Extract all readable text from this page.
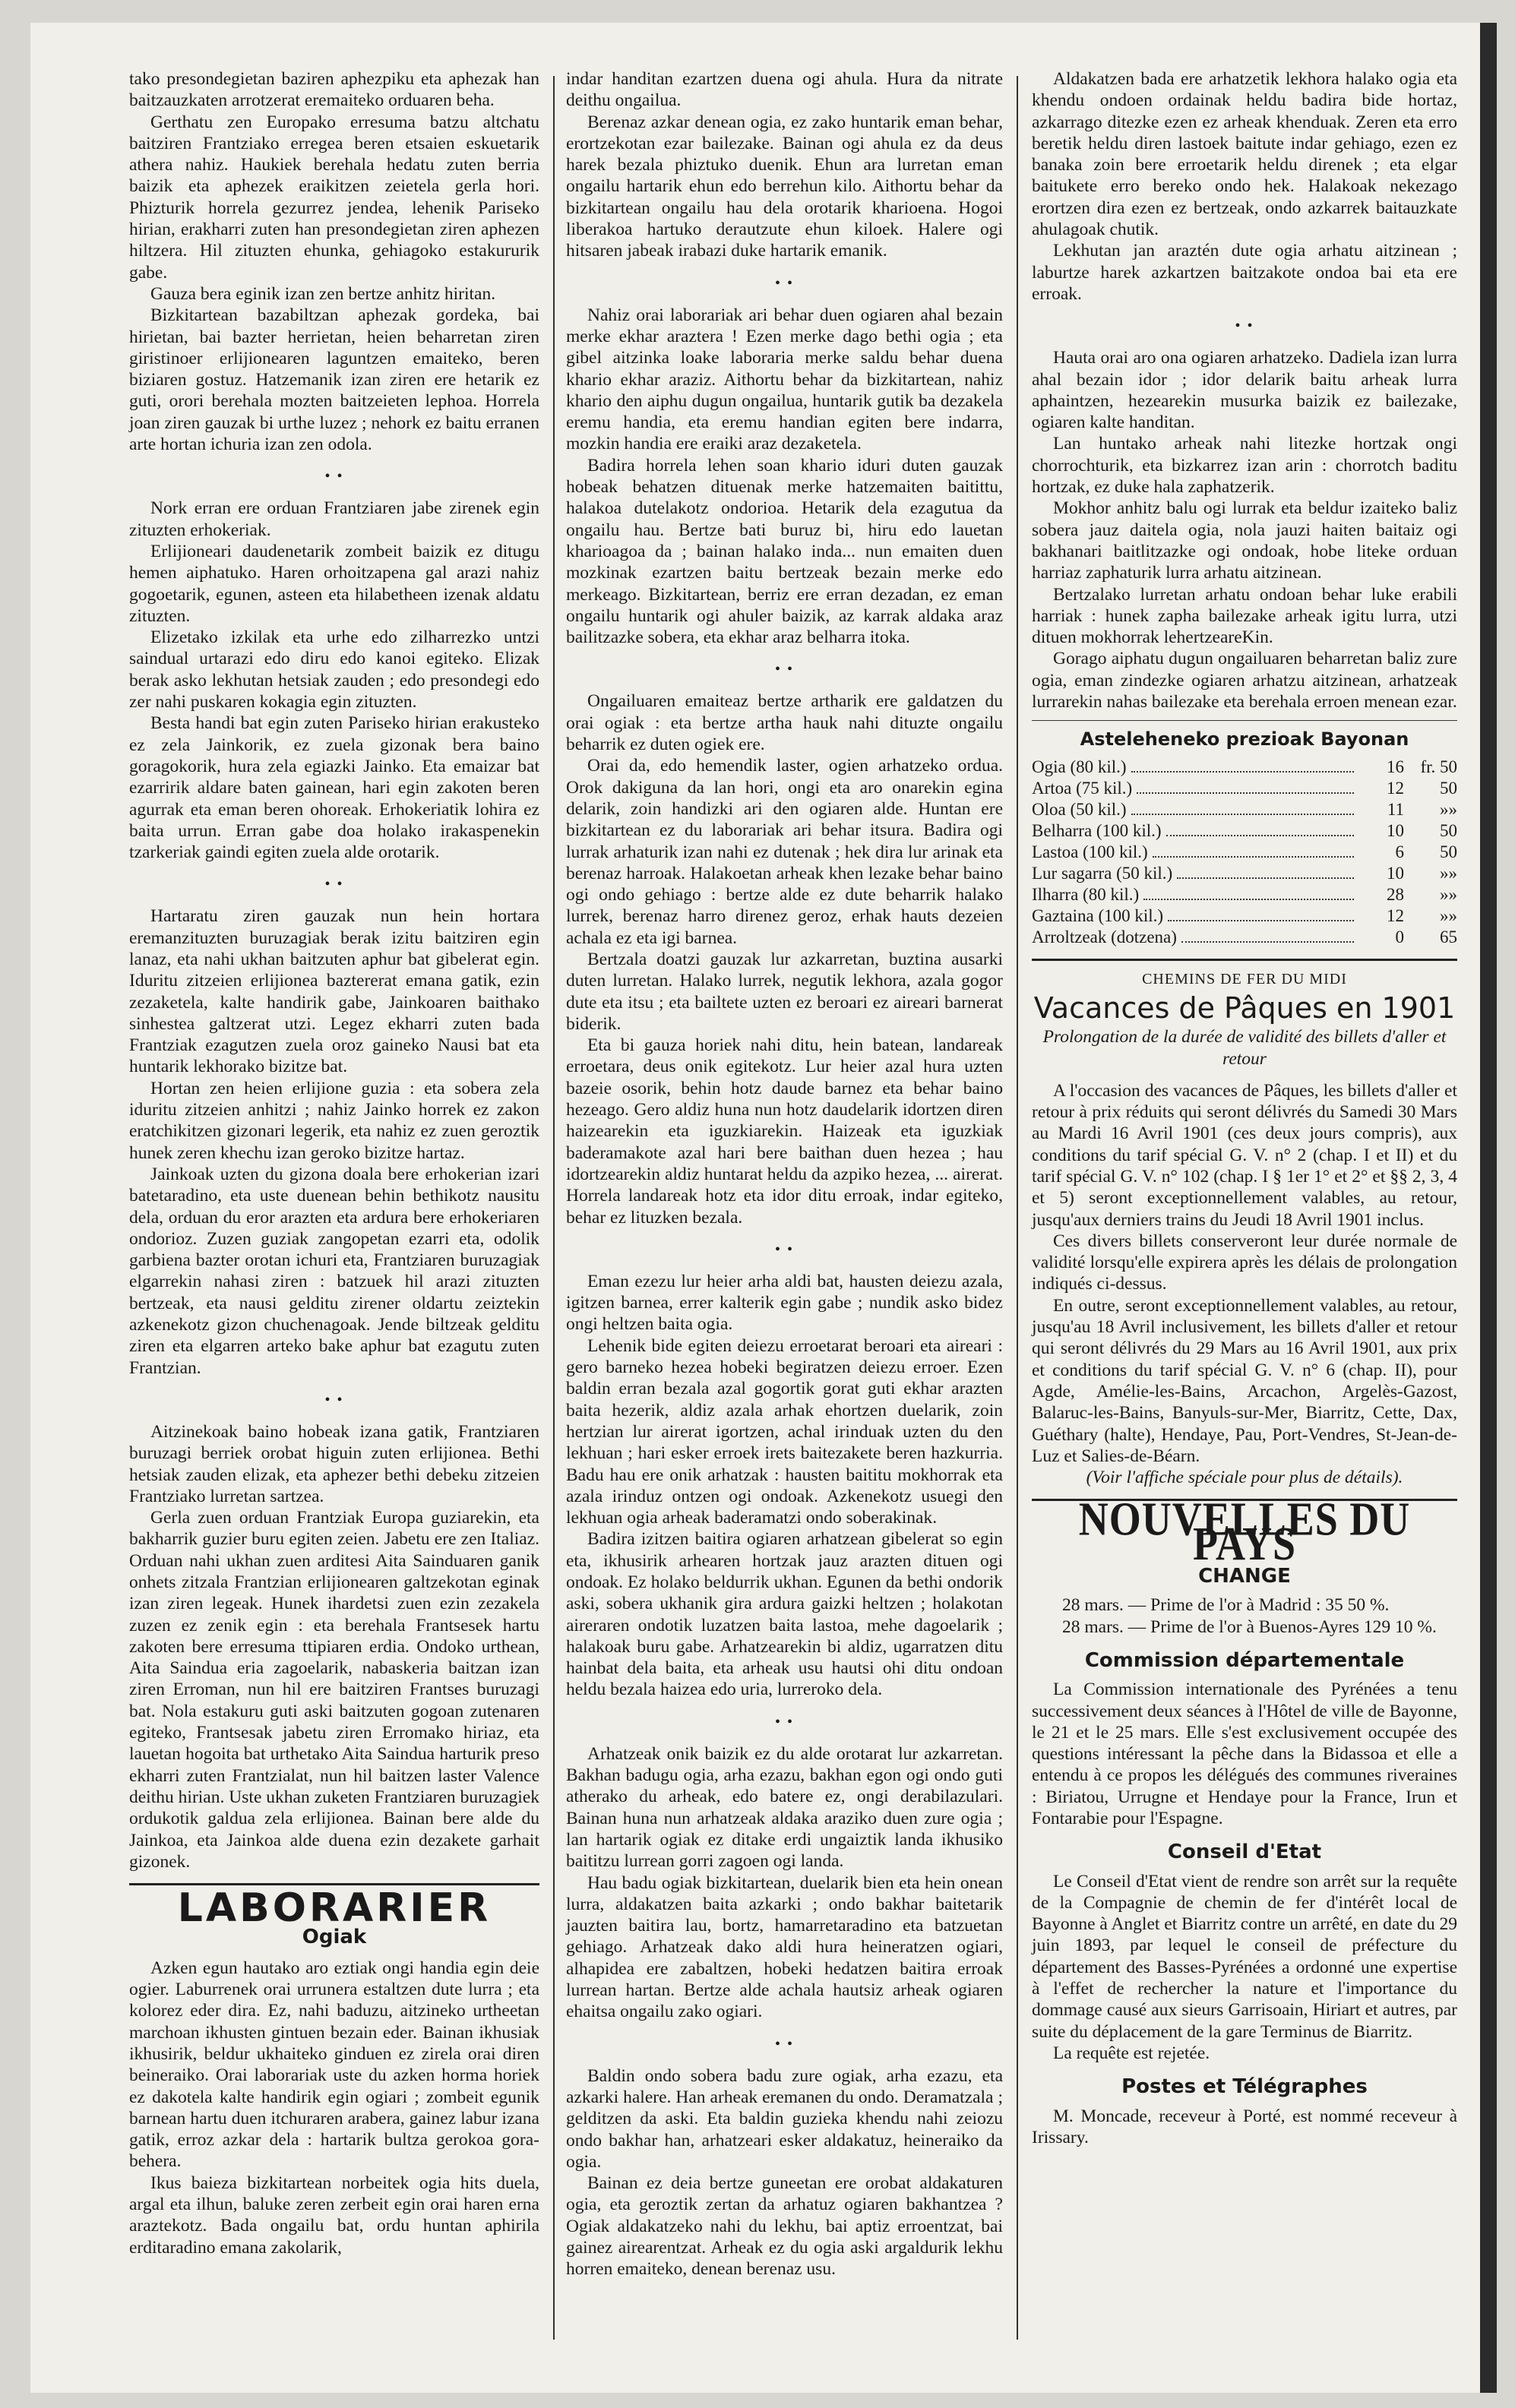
tako presondegietan baziren aphezpiku eta aphezak han baitzauzkaten arrotzerat eremaiteko orduaren beha.

Gerthatu zen Europako erresuma batzu altchatu baitziren Frantziako erregea beren etsaien eskuetarik athera nahiz. Haukiek berehala hedatu zuten berria baizik eta aphezek eraikitzen zeietela gerla hori. Phizturik horrela gezurrez jendea, lehenik Pariseko hirian, erakharri zuten han presondegietan ziren aphezen hiltzera. Hil zituzten ehunka, gehiagoko estakururik gabe.

Gauza bera eginik izan zen bertze anhitz hiritan.

Bizkitartean bazabiltzan aphezak gordeka, bai hirietan, bai bazter herrietan, heien beharretan ziren giristinoer erlijionearen laguntzen emaiteko, beren biziaren gostuz. Hatzemanik izan ziren ere hetarik ez guti, orori berehala mozten baitzeieten lephoa. Horrela joan ziren gauzak bi urthe luzez ; nehork ez baitu erranen arte hortan ichuria izan zen odola.

• •

Nork erran ere orduan Frantziaren jabe zirenek egin zituzten erhokeriak.

Erlijioneari daudenetarik zombeit baizik ez ditugu hemen aiphatuko. Haren orhoitzapena gal arazi nahiz gogoetarik, egunen, asteen eta hilabetheen izenak aldatu zituzten.

Elizetako izkilak eta urhe edo zilharrezko untzi saindual urtarazi edo diru edo kanoi egiteko. Elizak berak asko lekhutan hetsiak zauden ; edo presondegi edo zer nahi puskaren kokagia egin zituzten.

Besta handi bat egin zuten Pariseko hirian erakusteko ez zela Jainkorik, ez zuela gizonak bera baino goragokorik, hura zela egiazki Jainko. Eta emaizar bat ezarririk aldare baten gainean, hari egin zakoten beren agurrak eta eman beren ohoreak. Erhokeriatik lohira ez baita urrun. Erran gabe doa holako irakaspenekin tzarkeriak gaindi egiten zuela alde orotarik.

• •

Hartaratu ziren gauzak nun hein hortara eremanzituzten buruzagiak berak izitu baitziren egin lanaz, eta nahi ukhan baitzuten aphur bat gibelerat egin. Iduritu zitzeien erlijionea baztererat emana gatik, ezin zezaketela, kalte handirik gabe, Jainkoaren baithako sinhestea galtzerat utzi. Legez ekharri zuten bada Frantziak ezagutzen zuela oroz gaineko Nausi bat eta huntarik lekhorako bizitze bat.

Hortan zen heien erlijione guzia : eta sobera zela iduritu zitzeien anhitzi ; nahiz Jainko horrek ez zakon eratchikitzen gizonari legerik, eta nahiz ez zuen geroztik hunek zeren khechu izan geroko bizitze hartaz.

Jainkoak uzten du gizona doala bere erhokerian izari batetaradino, eta uste duenean behin bethikotz nausitu dela, orduan du eror arazten eta ardura bere erhokeriaren ondorioz. Zuzen guziak zangopetan ezarri eta, odolik garbiena bazter orotan ichuri eta, Frantziaren buruzagiak elgarrekin nahasi ziren : batzuek hil arazi zituzten bertzeak, eta nausi gelditu zirener oldartu zeiztekin azkenekotz gizon chuchenagoak. Jende biltzeak gelditu ziren eta elgarren arteko bake aphur bat ezagutu zuten Frantzian.

• •

Aitzinekoak baino hobeak izana gatik, Frantziaren buruzagi berriek orobat higuin zuten erlijionea. Bethi hetsiak zauden elizak, eta aphezer bethi debeku zitzeien Frantziako lurretan sartzea.

Gerla zuen orduan Frantziak Europa guziarekin, eta bakharrik guzier buru egiten zeien. Jabetu ere zen Italiaz. Orduan nahi ukhan zuen arditesi Aita Sainduaren ganik onhets zitzala Frantzian erlijionearen galtzekotan eginak izan ziren legeak. Hunek ihardetsi zuen ezin zezakela zuzen ez zenik egin : eta berehala Frantsesek hartu zakoten bere erresuma ttipiaren erdia. Ondoko urthean, Aita Saindua eria zagoelarik, nabaskeria baitzan izan ziren Erroman, nun hil ere baitziren Frantses buruzagi bat. Nola estakuru guti aski baitzuten gogoan zutenaren egiteko, Frantsesak jabetu ziren Erromako hiriaz, eta lauetan hogoita bat urthetako Aita Saindua harturik preso ekharri zuten Frantzialat, nun hil baitzen laster Valence deithu hirian. Uste ukhan zuketen Frantziaren buruzagiek ordukotik galdua zela erlijionea. Bainan bere alde du Jainkoa, eta Jainkoa alde duena ezin dezakete garhait gizonek.

LABORARIER
Ogiak

Azken egun hautako aro eztiak ongi handia egin deie ogier. Laburrenek orai urrunera estaltzen dute lurra ; eta kolorez eder dira. Ez, nahi baduzu, aitzineko urtheetan marchoan ikhusten gintuen bezain eder. Bainan ikhusiak ikhusirik, beldur ukhaiteko ginduen ez zirela orai diren beineraiko. Orai laborariak uste du azken horma horiek ez dakotela kalte handirik egin ogiari ; zombeit egunik barnean hartu duen itchuraren arabera, gainez labur izana gatik, erroz azkar dela : hartarik bultza gerokoa gora-behera.

Ikus baieza bizkitartean norbeitek ogia hits duela, argal eta ilhun, baluke zeren zerbeit egin orai haren erna araztekotz. Bada ongailu bat, ordu huntan aphirila erditaradino emana zakolarik,

indar handitan ezartzen duena ogi ahula. Hura da nitrate deithu ongailua.

Berenaz azkar denean ogia, ez zako huntarik eman behar, erortzekotan ezar bailezake. Bainan ogi ahula ez da deus harek bezala phiztuko duenik. Ehun ara lurretan eman ongailu hartarik ehun edo berrehun kilo. Aithortu behar da bizkitartean ongailu hau dela orotarik kharioena. Hogoi liberakoa hartuko derautzute ehun kiloek. Halere ogi hitsaren jabeak irabazi duke hartarik emanik.

• •

Nahiz orai laborariak ari behar duen ogiaren ahal bezain merke ekhar araztera ! Ezen merke dago bethi ogia ; eta gibel aitzinka loake laboraria merke saldu behar duena khario ekhar araziz. Aithortu behar da bizkitartean, nahiz khario den aiphu dugun ongailua, huntarik gutik ba dezakela eremu handia, eta eremu handian egiten bere indarra, mozkin handia ere eraiki araz dezaketela.

Badira horrela lehen soan khario iduri duten gauzak hobeak behatzen dituenak merke hatzemaiten baitittu, halakoa dutelakotz ondorioa. Hetarik dela ezagutua da ongailu hau. Bertze bati buruz bi, hiru edo lauetan kharioagoa da ; bainan halako inda... nun emaiten duen mozkinak ezartzen baitu bertzeak bezain merke edo merkeago. Bizkitartean, berriz ere erran dezadan, ez eman ongailu huntarik ogi ahuler baizik, az karrak aldaka araz bailitzazke sobera, eta ekhar araz belharra itoka.

• •

Ongailuaren emaiteaz bertze artharik ere galdatzen du orai ogiak : eta bertze artha hauk nahi dituzte ongailu beharrik ez duten ogiek ere.

Orai da, edo hemendik laster, ogien arhatzeko ordua. Orok dakiguna da lan hori, ongi eta aro onarekin egina delarik, zoin handizki ari den ogiaren alde. Huntan ere bizkitartean ez du laborariak ari behar itsura. Badira ogi lurrak arhaturik izan nahi ez dutenak ; hek dira lur arinak eta berenaz harroak. Halakoetan arheak khen lezake behar baino ogi ondo gehiago : bertze alde ez dute beharrik halako lurrek, berenaz harro direnez geroz, erhak hauts dezeien achala ez eta igi barnea.

Bertzala doatzi gauzak lur azkarretan, buztina ausarki duten lurretan. Halako lurrek, negutik lekhora, azala gogor dute eta itsu ; eta bailtete uzten ez beroari ez aireari barnerat biderik.

Eta bi gauza horiek nahi ditu, hein batean, landareak erroetara, deus onik egitekotz. Lur heier azal hura uzten bazeie osorik, behin hotz daude barnez eta behar baino hezeago. Gero aldiz huna nun hotz daudelarik idortzen diren haizearekin eta iguzkiarekin. Haizeak eta iguzkiak baderamakote azal hari bere baithan duen hezea ; hau idortzearekin aldiz huntarat heldu da azpiko hezea, ... airerat. Horrela landareak hotz eta idor ditu erroak, indar egiteko, behar ez lituzken bezala.

• •

Eman ezezu lur heier arha aldi bat, hausten deiezu azala, igitzen barnea, errer kalterik egin gabe ; nundik asko bidez ongi heltzen baita ogia.

Lehenik bide egiten deiezu erroetarat beroari eta aireari : gero barneko hezea hobeki begiratzen deiezu erroer. Ezen baldin erran bezala azal gogortik gorat guti ekhar arazten baita hezerik, aldiz azala arhak ehortzen duelarik, zoin hertzian lur airerat igortzen, achal irinduak uzten du den lekhuan ; hari esker erroek irets baitezakete beren hazkurria. Badu hau ere onik arhatzak : hausten baititu mokhorrak eta azala irinduz ontzen ogi ondoak. Azkenekotz usuegi den lekhuan ogia arheak baderamatzi ondo soberakinak.

Badira izitzen baitira ogiaren arhatzean gibelerat so egin eta, ikhusirik arhearen hortzak jauz arazten dituen ogi ondoak. Ez holako beldurrik ukhan. Egunen da bethi ondorik aski, sobera ukhanik gira ardura gaizki heltzen ; holakotan aireraren ondotik luzatzen baita lastoa, mehe dagoelarik ; halakoak buru gabe. Arhatzearekin bi aldiz, ugarratzen ditu hainbat dela baita, eta arheak usu hautsi ohi ditu ondoan heldu bezala haizea edo uria, lurreroko dela.

• •

Arhatzeak onik baizik ez du alde orotarat lur azkarretan. Bakhan badugu ogia, arha ezazu, bakhan egon ogi ondo guti atherako du arheak, edo batere ez, ongi derabilazulari. Bainan huna nun arhatzeak aldaka araziko duen zure ogia ; lan hartarik ogiak ez ditake erdi ungaiztik landa ikhusiko baititzu lurrean gorri zagoen ogi landa.

Hau badu ogiak bizkitartean, duelarik bien eta hein onean lurra, aldakatzen baita azkarki ; ondo bakhar baitetarik jauzten baitira lau, bortz, hamarretaradino eta batzuetan gehiago. Arhatzeak dako aldi hura heineratzen ogiari, alhapidea ere zabaltzen, hobeki hedatzen baitira erroak lurrean hartan. Bertze alde achala hautsiz arheak ogiaren ehaitsa ongailu zako ogiari.

• •

Baldin ondo sobera badu zure ogiak, arha ezazu, eta azkarki halere. Han arheak eremanen du ondo. Deramatzala ; gelditzen da aski. Eta baldin guzieka khendu nahi zeiozu ondo bakhar han, arhatzeari esker aldakatuz, heineraiko da ogia.

Bainan ez deia bertze guneetan ere orobat aldakaturen ogia, eta geroztik zertan da arhatuz ogiaren bakhantzea ? Ogiak aldakatzeko nahi du lekhu, bai aptiz erroentzat, bai gainez airearentzat. Arheak ez du ogia aski argaldurik lekhu horren emaiteko, denean berenaz usu.

Aldakatzen bada ere arhatzetik lekhora halako ogia eta khendu ondoen ordainak heldu badira bide hortaz, azkarrago ditezke ezen ez arheak khenduak. Zeren eta erro beretik heldu diren lastoek baitute indar gehiago, ezen ez banaka zoin bere erroetarik heldu direnek ; eta elgar baitukete erro bereko ondo hek. Halakoak nekezago erortzen dira ezen ez bertzeak, ondo azkarrek baitauzkate ahulagoak chutik.

Lekhutan jan araztén dute ogia arhatu aitzinean ; laburtze harek azkartzen baitzakote ondoa bai eta ere erroak.

• •

Hauta orai aro ona ogiaren arhatzeko. Dadiela izan lurra ahal bezain idor ; idor delarik baitu arheak lurra aphaintzen, hezearekin musurka baizik ez bailezake, ogiaren kalte handitan.

Lan huntako arheak nahi litezke hortzak ongi chorrochturik, eta bizkarrez izan arin : chorrotch baditu hortzak, ez duke hala zaphatzerik.

Mokhor anhitz balu ogi lurrak eta beldur izaiteko baliz sobera jauz daitela ogia, nola jauzi haiten baitaiz ogi bakhanari baitlitzazke ogi ondoak, hobe liteke orduan harriaz zaphaturik lurra arhatu aitzinean.

Bertzalako lurretan arhatu ondoan behar luke erabili harriak : hunek zapha bailezake arheak igitu lurra, utzi dituen mokhorrak lehertzeareKin.

Gorago aiphatu dugun ongailuaren beharretan baliz zure ogia, eman zindezke ogiaren arhatzu aitzinean, arhatzeak lurrarekin nahas bailezake eta berehala erroen menean ezar.

Asteleheneko prezioak Bayonan
Ogia (80 kil.)	16 fr. 50
Artoa (75 kil.)	12	50
Oloa (50 kil.)	11	»»
Belharra (100 kil.)	10	50
Lastoa (100 kil.)	6	50
Lur sagarra (50 kil.)	10	»»
Ilharra (80 kil.)	28	»»
Gaztaina (100 kil.)	12	»»
Arroltzeak (dotzena)	0	65
CHEMINS DE FER DU MIDI
Vacances de Pâques en 1901
Prolongation de la durée de validité des billets d'aller et retour

A l'occasion des vacances de Pâques, les billets d'aller et retour à prix réduits qui seront délivrés du Samedi 30 Mars au Mardi 16 Avril 1901 (ces deux jours compris), aux conditions du tarif spécial G. V. n° 2 (chap. I et II) et du tarif spécial G. V. n° 102 (chap. I § 1er 1° et 2° et §§ 2, 3, 4 et 5) seront exceptionnellement valables, au retour, jusqu'aux derniers trains du Jeudi 18 Avril 1901 inclus.

Ces divers billets conserveront leur durée normale de validité lorsqu'elle expirera après les délais de prolongation indiqués ci-dessus.

En outre, seront exceptionnellement valables, au retour, jusqu'au 18 Avril inclusivement, les billets d'aller et retour qui seront délivrés du 29 Mars au 16 Avril 1901, aux prix et conditions du tarif spécial G. V. n° 6 (chap. II), pour Agde, Amélie-les-Bains, Arcachon, Argelès-Gazost, Balaruc-les-Bains, Banyuls-sur-Mer, Biarritz, Cette, Dax, Guéthary (halte), Hendaye, Pau, Port-Vendres, St-Jean-de-Luz et Salies-de-Béarn.

(Voir l'affiche spéciale pour plus de détails).
NOUVELLES DU PAYS
CHANGE

28 mars. — Prime de l'or à Madrid : 35 50 %.

28 mars. — Prime de l'or à Buenos-Ayres 129 10 %.

Commission départementale

La Commission internationale des Pyrénées a tenu successivement deux séances à l'Hôtel de ville de Bayonne, le 21 et le 25 mars. Elle s'est exclusivement occupée des questions intéressant la pêche dans la Bidassoa et elle a entendu à ce propos les délégués des communes riveraines : Biriatou, Urrugne et Hendaye pour la France, Irun et Fontarabie pour l'Espagne.

Conseil d'Etat

Le Conseil d'Etat vient de rendre son arrêt sur la requête de la Compagnie de chemin de fer d'intérêt local de Bayonne à Anglet et Biarritz contre un arrêté, en date du 29 juin 1893, par lequel le conseil de préfecture du département des Basses-Pyrénées a ordonné une expertise à l'effet de rechercher la nature et l'importance du dommage causé aux sieurs Garrisoain, Hiriart et autres, par suite du déplacement de la gare Terminus de Biarritz.

La requête est rejetée.

Postes et Télégraphes

M. Moncade, receveur à Porté, est nommé receveur à Irissary.
